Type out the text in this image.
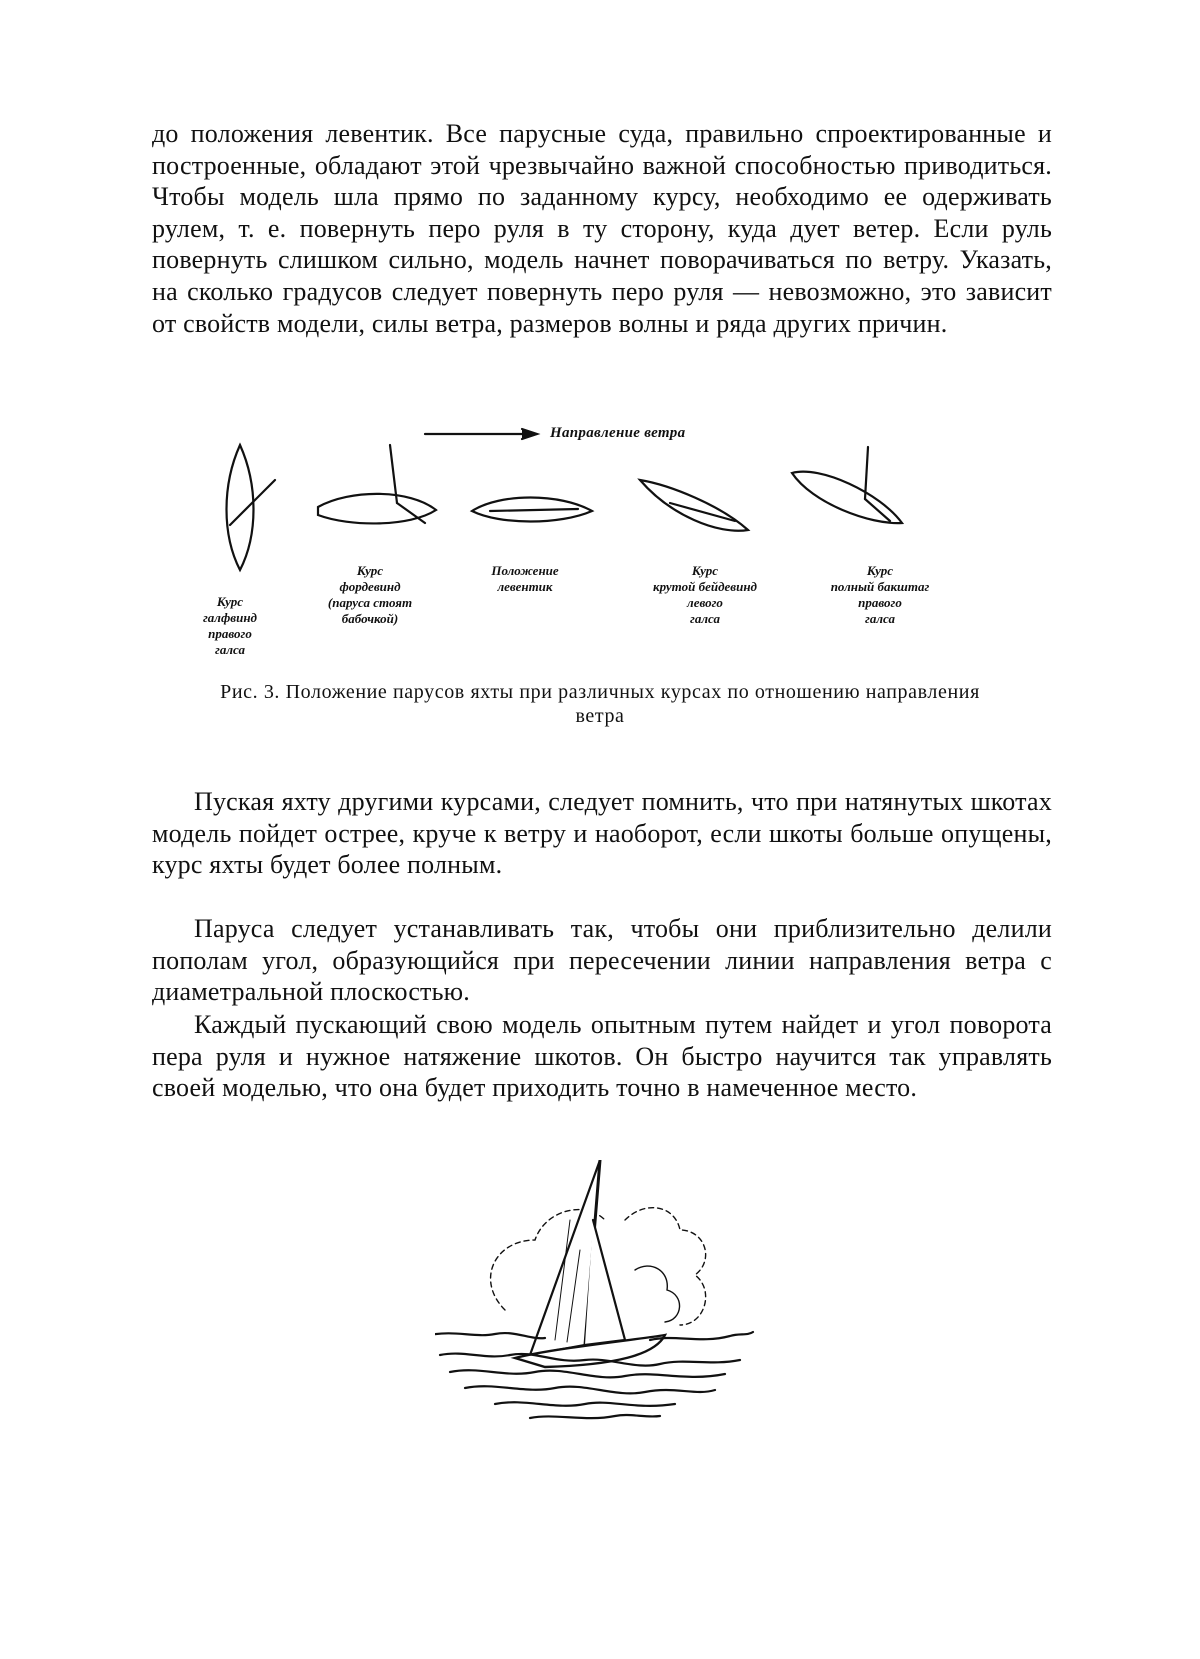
до положения левентик. Все парусные суда, правильно спроектированные и построенные, обладают этой чрезвычайно важной способностью приводиться. Чтобы модель шла прямо по заданному курсу, необходимо ее одерживать рулем, т. е. повернуть перо руля в ту сторону, куда дует ветер. Если руль повернуть слишком сильно, модель начнет поворачиваться по ветру. Указать, на сколько градусов следует повернуть перо руля — невозможно, это зависит от свойств модели, силы ветра, размеров волны и ряда других причин.

Направление ветра
Курс
галфвинд
правого
галса
Курс
фордевинд
(паруса стоят
бабочкой)
Положение
левентик
Курс
крутой бейдевинд
левого
галса
Курс
полный бакштаг
правого
галса
Рис. 3. Положение парусов яхты при различных курсах по отношению направления ветра

Пуская яхту другими курсами, следует помнить, что при натянутых шкотах модель пойдет острее, круче к ветру и наоборот, если шкоты больше опущены, курс яхты будет более полным.

Паруса следует устанавливать так, чтобы они приблизительно делили пополам угол, образующийся при пересечении линии направления ветра с диаметральной плоскостью.

Каждый пускающий свою модель опытным путем найдет и угол поворота пера руля и нужное натяжение шкотов. Он быстро научится так управлять своей моделью, что она будет приходить точно в намеченное место.
